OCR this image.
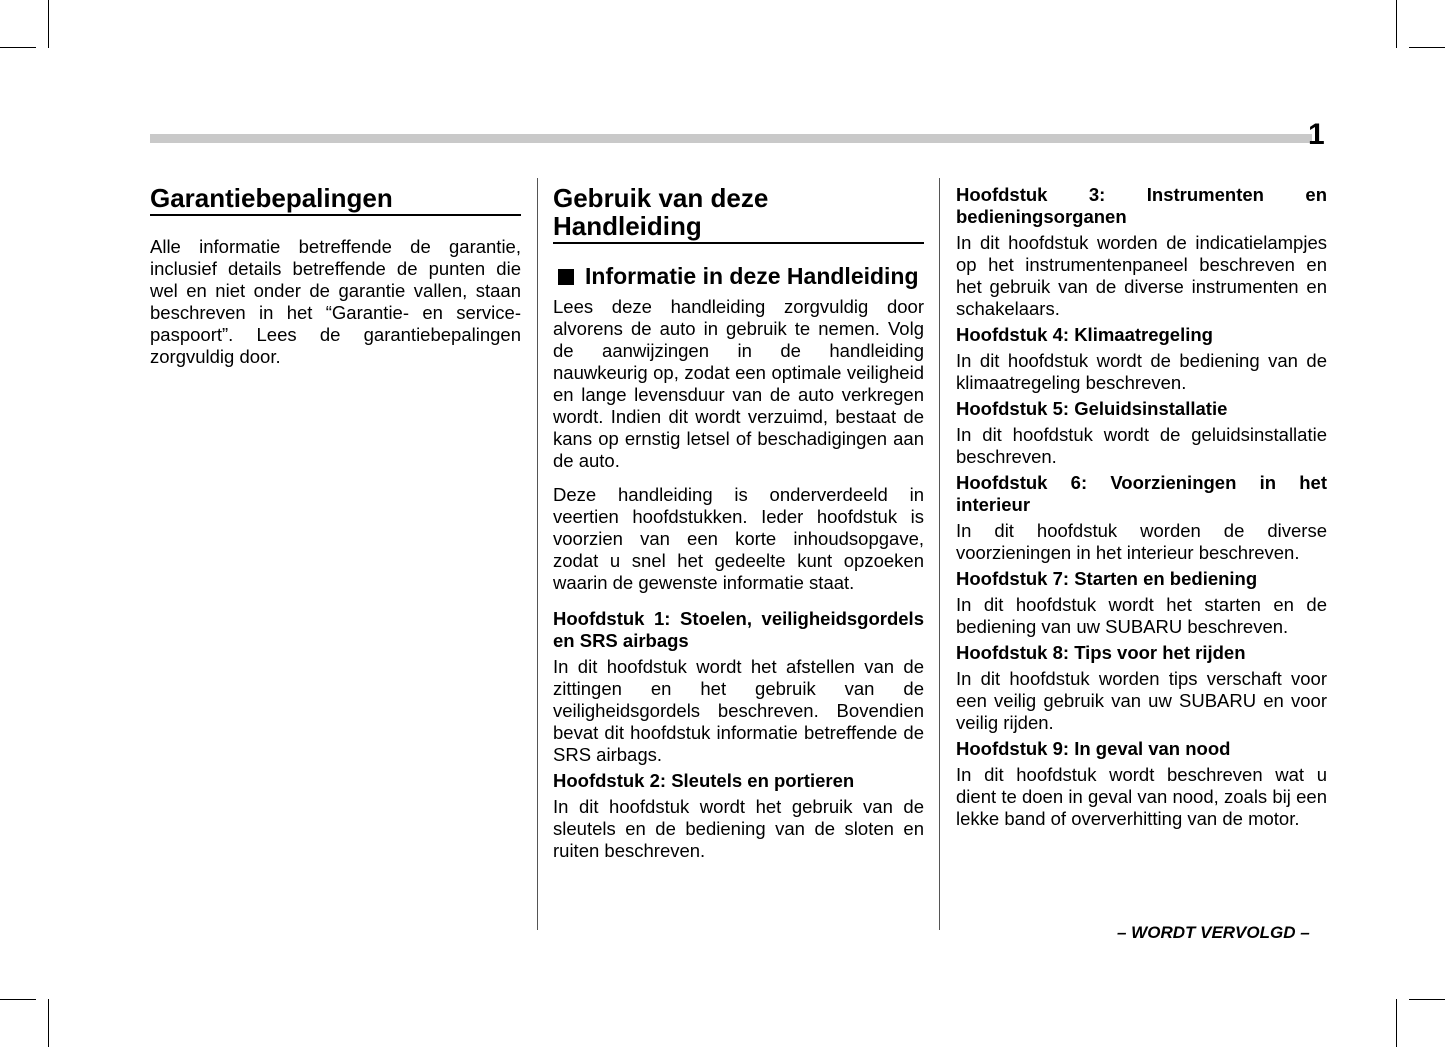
1
Garantiebepalingen

Alle informatie betreffende de garantie, inclusief details betreffende de punten die wel en niet onder de garantie vallen, staan beschreven in het “Garantie- en service-paspoort”. Lees de garantiebepalingen zorgvuldig door.

Gebruik van deze Handleiding
Informatie in deze Handleiding

Lees deze handleiding zorgvuldig door alvorens de auto in gebruik te nemen. Volg de aanwijzingen in de handleiding nauwkeurig op, zodat een optimale veiligheid en lange levensduur van de auto verkregen wordt. Indien dit wordt verzuimd, bestaat de kans op ernstig letsel of beschadigingen aan de auto.

Deze handleiding is onderverdeeld in veertien hoofdstukken. Ieder hoofdstuk is voorzien van een korte inhoudsopgave, zodat u snel het gedeelte kunt opzoeken waarin de gewenste informatie staat.

Hoofdstuk 1: Stoelen, veiligheidsgordels en SRS airbags

In dit hoofdstuk wordt het afstellen van de zittingen en het gebruik van de veiligheidsgordels beschreven. Bovendien bevat dit hoofdstuk informatie betreffende de SRS airbags.

Hoofdstuk 2: Sleutels en portieren

In dit hoofdstuk wordt het gebruik van de sleutels en de bediening van de sloten en ruiten beschreven.

Hoofdstuk 3: Instrumenten en bedieningsorganen

In dit hoofdstuk worden de indicatielampjes op het instrumentenpaneel beschreven en het gebruik van de diverse instrumenten en schakelaars.

Hoofdstuk 4: Klimaatregeling

In dit hoofdstuk wordt de bediening van de klimaatregeling beschreven.

Hoofdstuk 5: Geluidsinstallatie

In dit hoofdstuk wordt de geluidsinstallatie beschreven.

Hoofdstuk 6: Voorzieningen in het interieur

In dit hoofdstuk worden de diverse voorzieningen in het interieur beschreven.

Hoofdstuk 7: Starten en bediening

In dit hoofdstuk wordt het starten en de bediening van uw SUBARU beschreven.

Hoofdstuk 8: Tips voor het rijden

In dit hoofdstuk worden tips verschaft voor een veilig gebruik van uw SUBARU en voor veilig rijden.

Hoofdstuk 9: In geval van nood

In dit hoofdstuk wordt beschreven wat u dient te doen in geval van nood, zoals bij een lekke band of oververhitting van de motor.

– WORDT VERVOLGD –
